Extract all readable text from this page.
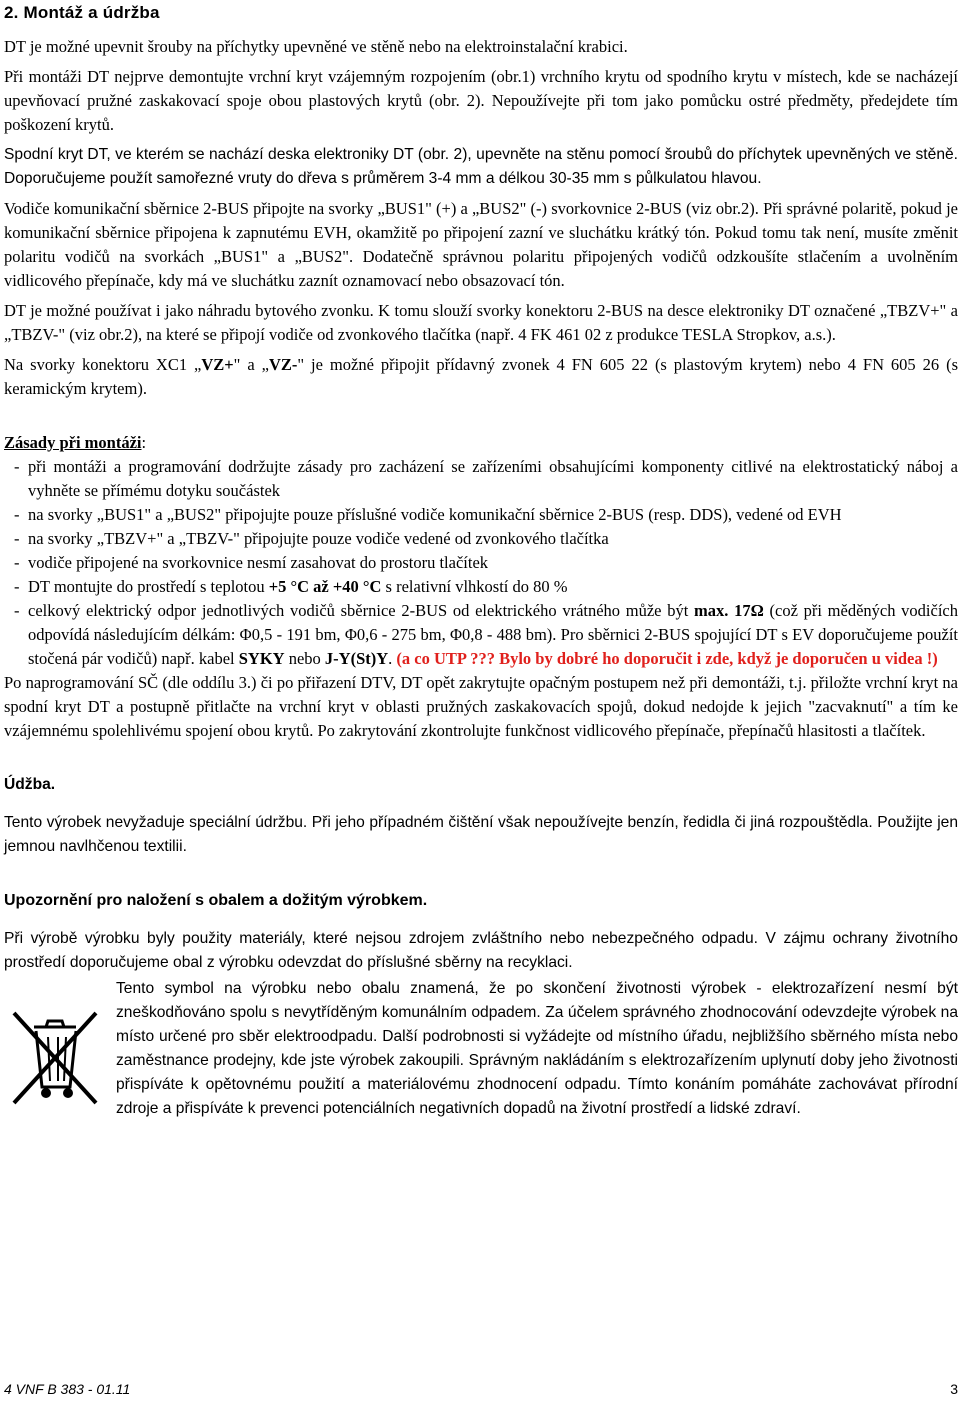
2. Montáž a údržba

DT je možné upevnit šrouby na příchytky upevněné ve stěně nebo na elektroinstalační krabici.

Při montáži DT nejprve demontujte vrchní kryt vzájemným rozpojením (obr.1) vrchního krytu od spodního krytu v místech, kde se nacházejí upevňovací pružné zaskakovací spoje obou plastových krytů (obr. 2). Nepoužívejte při tom jako pomůcku ostré předměty, předejdete tím poškození krytů.

Spodní kryt DT, ve kterém se nachází deska elektroniky DT (obr. 2), upevněte na stěnu pomocí šroubů do příchytek upevněných ve stěně. Doporučujeme použít samořezné vruty do dřeva s průměrem 3-4 mm a délkou 30-35 mm s půlkulatou hlavou.

Vodiče komunikační sběrnice 2-BUS připojte na svorky „BUS1" (+) a „BUS2" (-) svorkovnice 2-BUS (viz obr.2). Při správné polaritě, pokud je komunikační sběrnice připojena k zapnutému EVH, okamžitě po připojení zazní ve sluchátku krátký tón. Pokud tomu tak není, musíte změnit polaritu vodičů na svorkách „BUS1" a „BUS2". Dodatečně správnou polaritu připojených vodičů odzkoušíte stlačením a uvolněním vidlicového přepínače, kdy má ve sluchátku zaznít oznamovací nebo obsazovací tón.

DT je možné používat i jako náhradu bytového zvonku. K tomu slouží svorky konektoru 2-BUS na desce elektroniky DT označené „TBZV+" a „TBZV-" (viz obr.2), na které se připojí vodiče od zvonkového tlačítka (např. 4 FK 461 02 z produkce TESLA Stropkov, a.s.).

Na svorky konektoru XC1 „VZ+" a „VZ-" je možné připojit přídavný zvonek 4 FN 605 22 (s plastovým krytem) nebo 4 FN 605 26 (s keramickým krytem).

Zásady při montáži:

- při montáži a programování dodržujte zásady pro zacházení se zařízeními obsahujícími komponenty citlivé na elektrostatický náboj a vyhněte se přímému dotyku součástek
- na svorky „BUS1" a „BUS2" připojujte pouze příslušné vodiče komunikační sběrnice 2-BUS (resp. DDS), vedené od EVH
- na svorky „TBZV+" a „TBZV-" připojujte pouze vodiče vedené od zvonkového tlačítka
- vodiče připojené na svorkovnice nesmí zasahovat do prostoru tlačítek
- DT montujte do prostředí s teplotou +5 °C až +40 °C s relativní vlhkostí do 80 %
- celkový elektrický odpor jednotlivých vodičů sběrnice 2-BUS od elektrického vrátného může být max. 17Ω (což při měděných vodičích odpovídá následujícím délkám: Φ0,5 - 191 bm, Φ0,6 - 275 bm, Φ0,8 - 488 bm). Pro sběrnici 2-BUS spojující DT s EV doporučujeme použít stočená pár vodičů) např. kabel SYKY nebo J-Y(St)Y. (a co UTP ??? Bylo by dobré ho doporučit i zde, když je doporučen u videa !)

Po naprogramování SČ (dle oddílu 3.) či po přiřazení DTV, DT opět zakrytujte opačným postupem než při demontáži, t.j. přiložte vrchní kryt na spodní kryt DT a postupně přitlačte na vrchní kryt v oblasti pružných zaskakovacích spojů, dokud nedojde k jejich "zacvaknutí" a tím ke vzájemnému spolehlivému spojení obou krytů. Po zakrytování zkontrolujte funkčnost vidlicového přepínače, přepínačů hlasitosti a tlačítek.

Údžba.

Tento výrobek nevyžaduje speciální údržbu. Při jeho případném čištění však nepoužívejte benzín, ředidla či jiná rozpouštědla. Použijte jen jemnou navlhčenou textilii.

Upozornění pro naložení s obalem a dožitým výrobkem.

Při výrobě výrobku byly použity materiály, které nejsou zdrojem zvláštního nebo nebezpečného odpadu. V zájmu ochrany životního prostředí doporučujeme obal z výrobku odevzdat do příslušné sběrny na recyklaci.

Tento symbol na výrobku nebo obalu znamená, že po skončení životnosti výrobek - elektrozařízení nesmí být zneškodňováno spolu s nevytříděným komunálním odpadem. Za účelem správného zhodnocování odevzdejte výrobek na místo určené pro sběr elektroodpadu. Další podrobnosti si vyžádejte od místního úřadu, nejbližšího sběrného místa nebo zaměstnance prodejny, kde jste výrobek zakoupili. Správným nakládáním s elektrozařízením uplynutí doby jeho životnosti přispíváte k opětovnému použití a materiálovému zhodnocení odpadu. Tímto konáním pomáháte zachovávat přírodní zdroje a přispíváte k prevenci potenciálních negativních dopadů na životní prostředí a lidské zdraví.

4 VNF B 383 - 01.11	3
